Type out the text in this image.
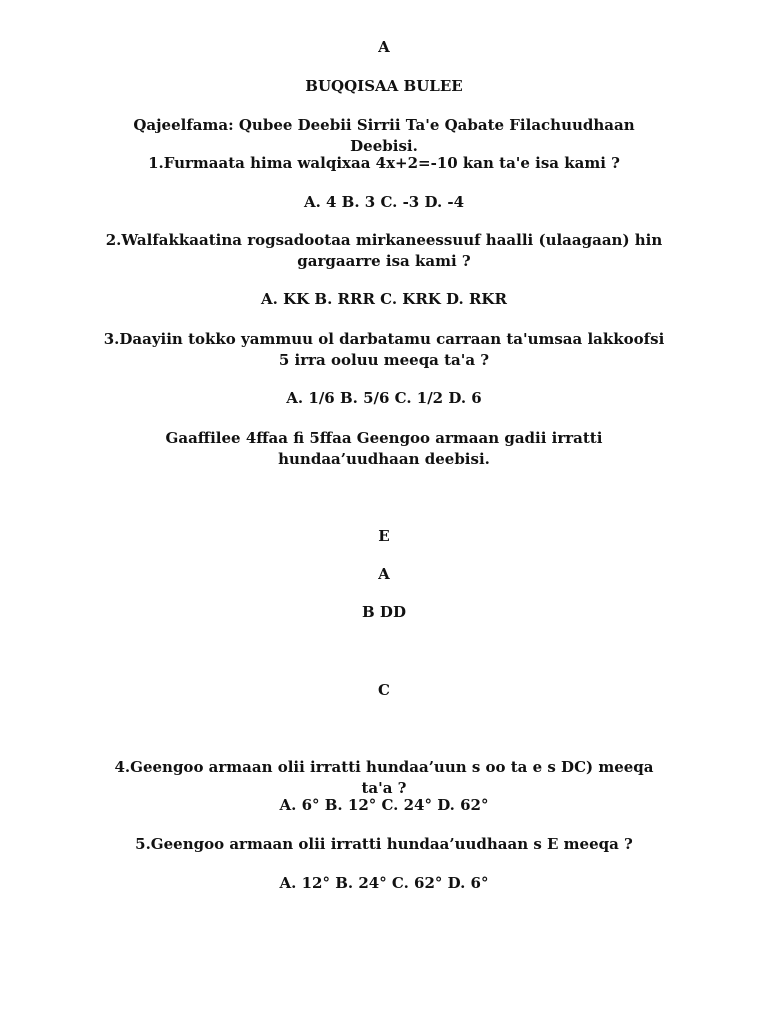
A
BUQQISAA BULEE
Qajeelfama: Qubee Deebii Sirrii Ta'e Qabate Filachuudhaan Deebisi.
1.Furmaata hima walqixaa 4x+2=-10 kan ta'e isa kami ?
A. 4 B. 3 C. -3 D. -4
2.Walfakkaatina rogsadootaa mirkaneessuuf haalli (ulaagaan) hin gargaarre isa kami ?
A. KK B. RRR C. KRK D. RKR
3.Daayiin tokko yammuu ol darbatamu carraan ta'umsaa lakkoofsi 5 irra ooluu meeqa ta'a ?
A. 1/6 B. 5/6 C. 1/2 D. 6
Gaaffilee 4ffaa fi 5ffaa Geengoo armaan gadii irratti hundaa’uudhaan deebisi.
E
A
B DD
C
4.Geengoo armaan olii irratti hundaa’uun s oo ta e s DC) meeqa ta'a ?
A. 6° B. 12° C. 24° D. 62°
5.Geengoo armaan olii irratti hundaa’uudhaan s E meeqa ?
A. 12° B. 24° C. 62° D. 6°
